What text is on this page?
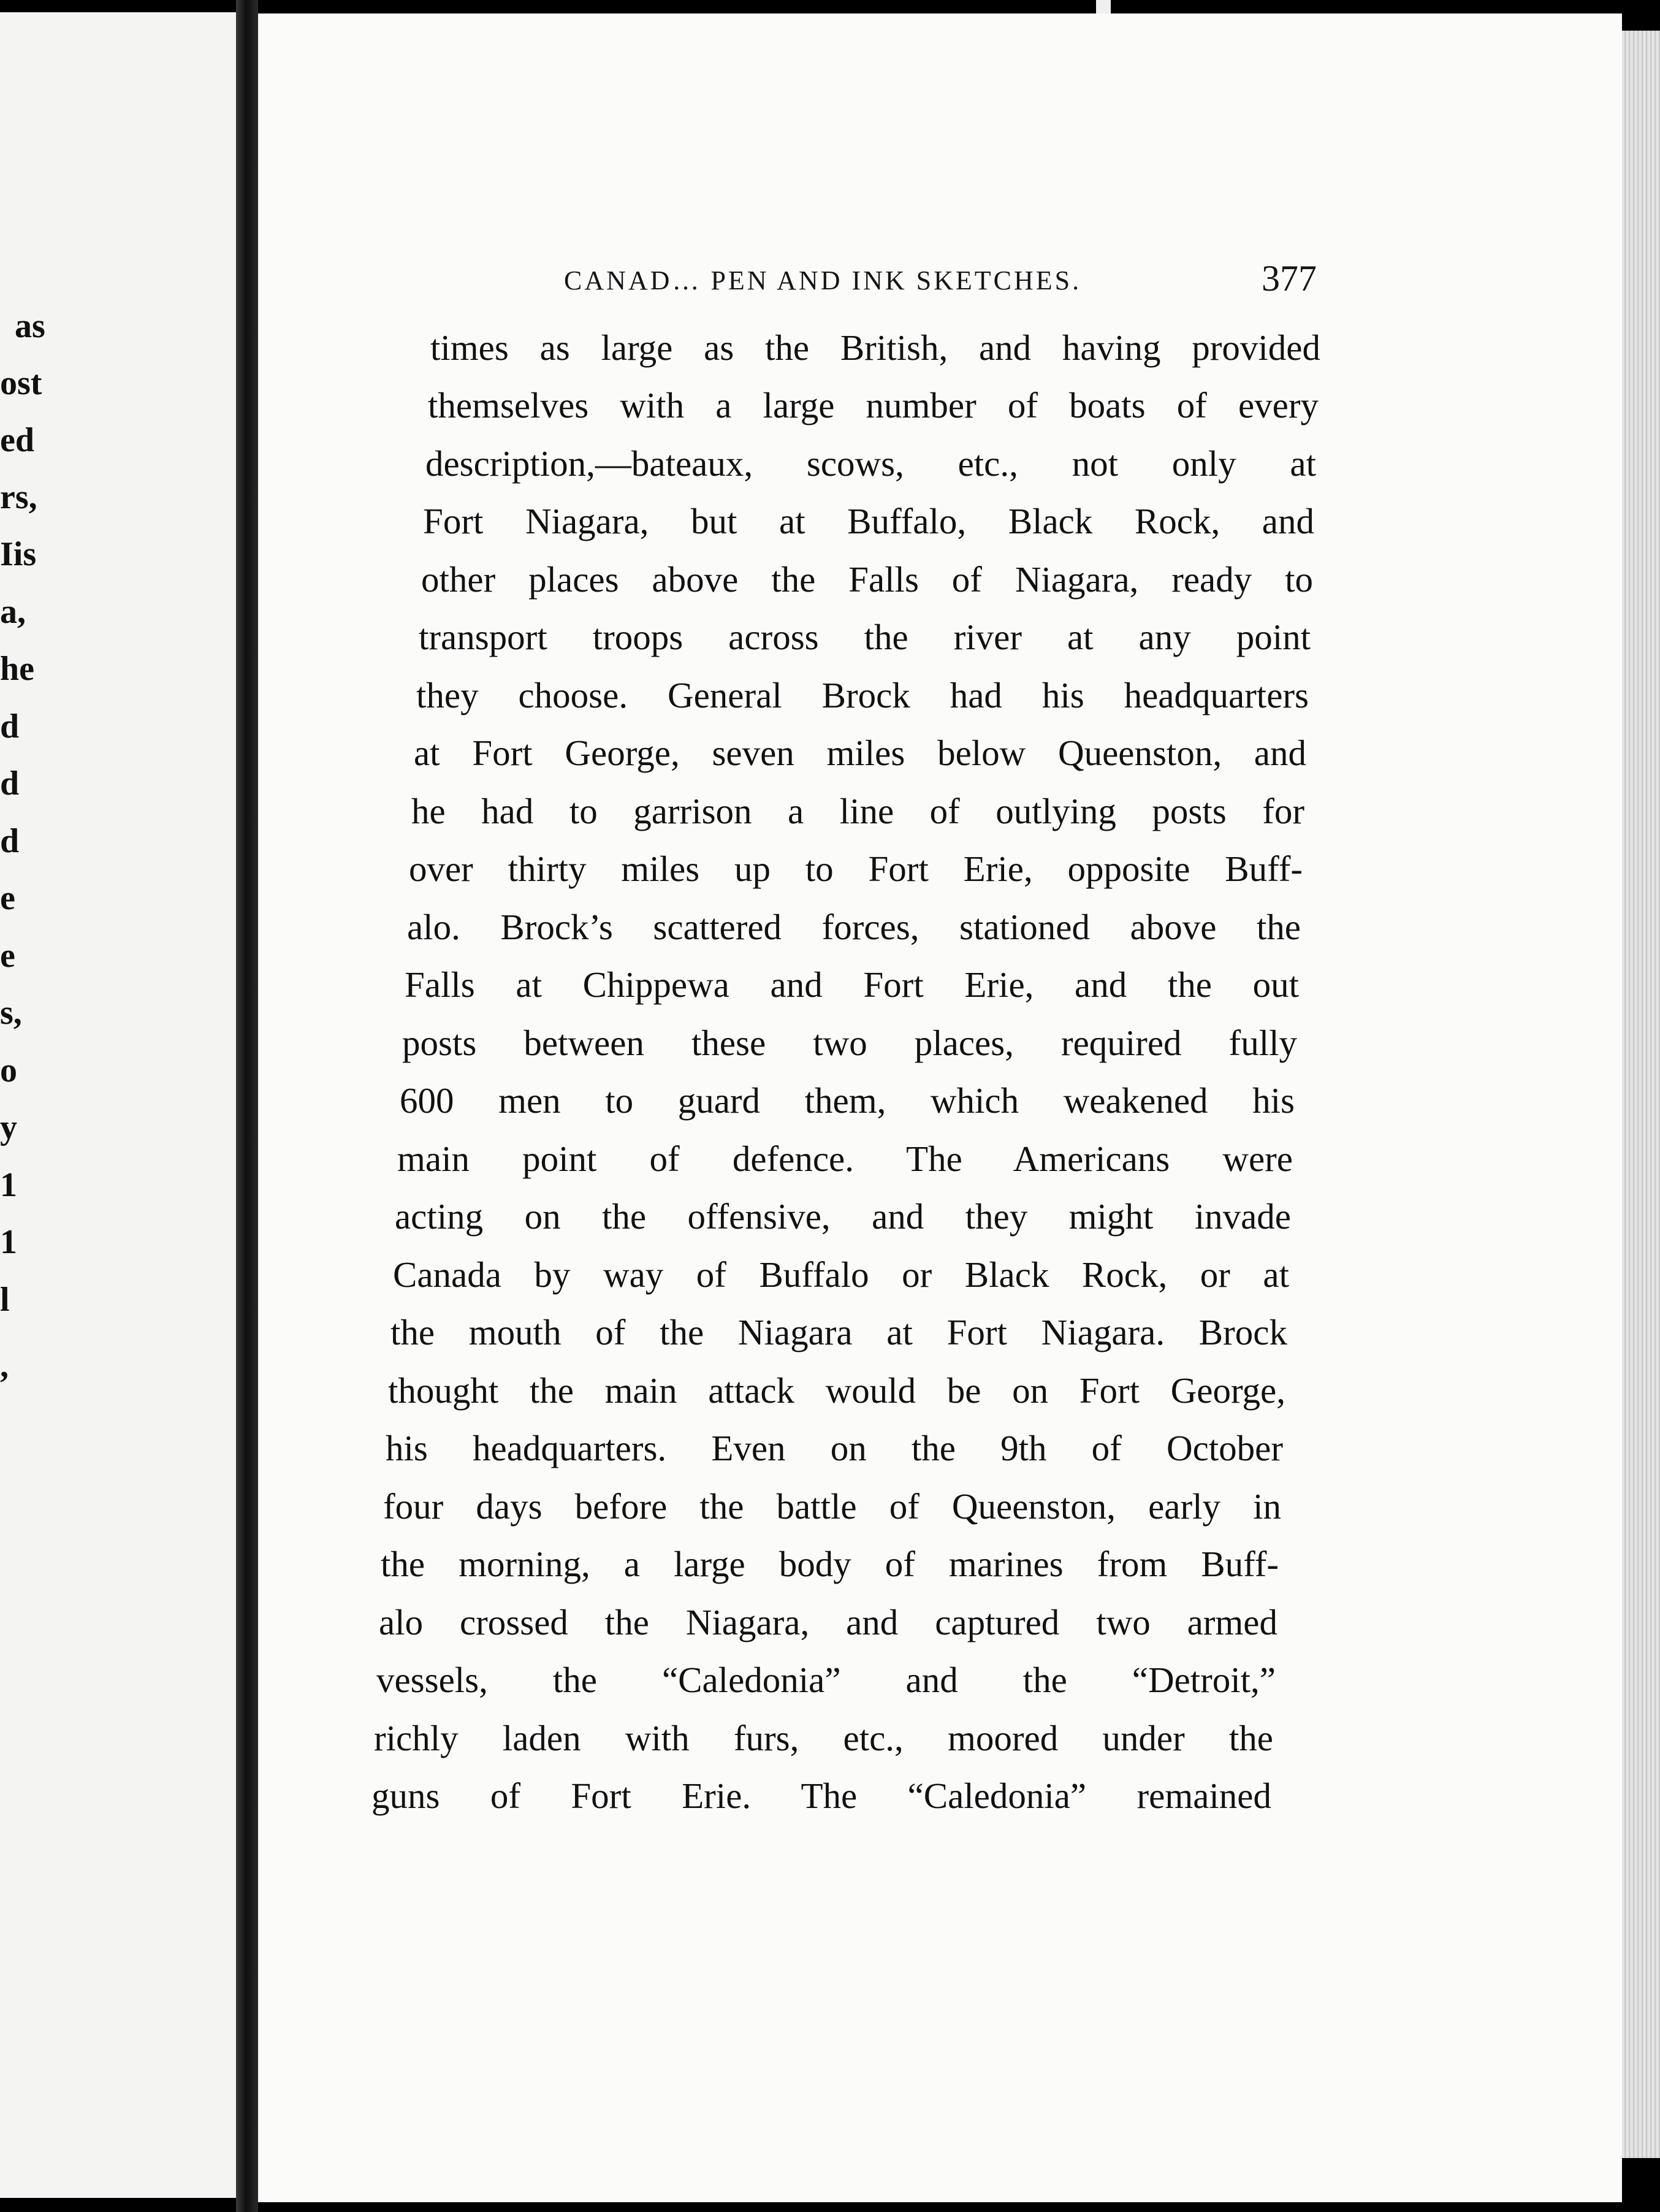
as
ost
ed
rs,
Iis
a,
he
d
d
d
e
e
s,
o
y
1
1
l
,
CANAD… PEN AND INK SKETCHES.	377
times as large as the British, and having provided
themselves with a large number of boats of every
description,—bateaux, scows, etc., not only at
Fort Niagara, but at Buffalo, Black Rock, and
other places above the Falls of Niagara, ready to
transport troops across the river at any point
they choose. General Brock had his headquarters
at Fort George, seven miles below Queenston, and
he had to garrison a line of outlying posts for
over thirty miles up to Fort Erie, opposite Buff-
alo. Brock’s scattered forces, stationed above the
Falls at Chippewa and Fort Erie, and the out
posts between these two places, required fully
600 men to guard them, which weakened his
main point of defence. The Americans were
acting on the offensive, and they might invade
Canada by way of Buffalo or Black Rock, or at
the mouth of the Niagara at Fort Niagara. Brock
thought the main attack would be on Fort George,
his headquarters. Even on the 9th of October
four days before the battle of Queenston, early in
the morning, a large body of marines from Buff-
alo crossed the Niagara, and captured two armed
vessels, the “Caledonia” and the “Detroit,”
richly laden with furs, etc., moored under the
guns of Fort Erie. The “Caledonia” remained
